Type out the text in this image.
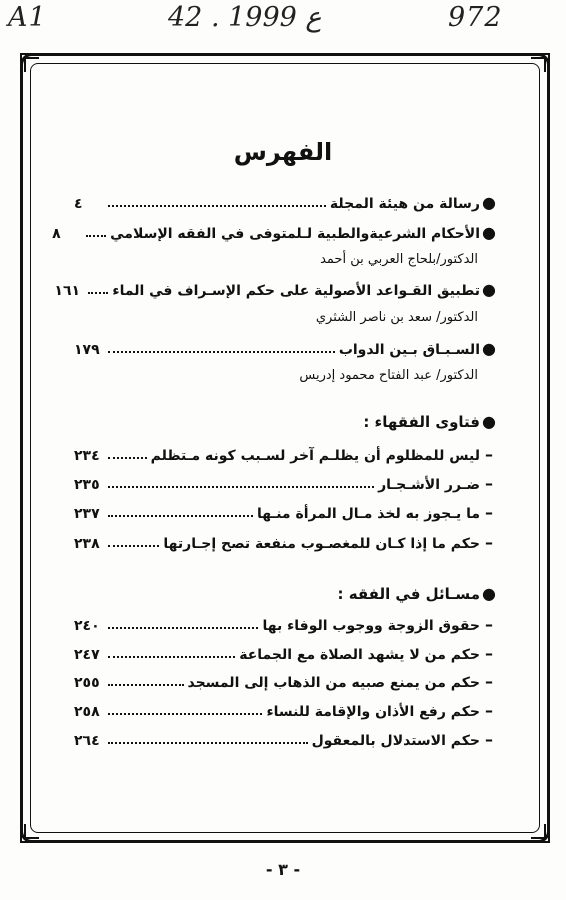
A1	42 . ع 1999	972
الفهرس
●
رسالة من هيئة المجلة
٤
●
الأحكام الشرعيةوالطبية لـلمتوفى في الفقه الإسلامي
٨
الدكتور/بلحاج العربي بن أحمد
●
تطبيق القـواعد الأصولية على حكم الإسـراف في الماء
١٦١
الدكتور/ سعد بن ناصر الشثري
●
السـبـاق بـين الدواب
١٧٩
الدكتور/ عبد الفتاح محمود إدريس
●
فتاوى الفقهاء :
–
ليس للمظلوم أن يظلـم آخر لسـبب كونه مـتظلم
٢٣٤
–
ضـرر الأشـجـار
٢٣٥
–
ما يـجوز به لخذ مـال المرأة منـها
٢٣٧
–
حكم ما إذا كـان للمغصـوب منفعة تصح إجـارتها
٢٣٨
●
مسـائل في الفقه :
–
حقوق الزوجة ووجوب الوفاء بها
٢٤٠
–
حكم من لا يشهد الصلاة مع الجماعة
٢٤٧
–
حكم من يمنع صبيه من الذهاب إلى المسجد
٢٥٥
–
حكم رفع الأذان والإقامة للنساء
٢٥٨
–
حكم الاستدلال بالمعقول
٢٦٤
- ٣ -
